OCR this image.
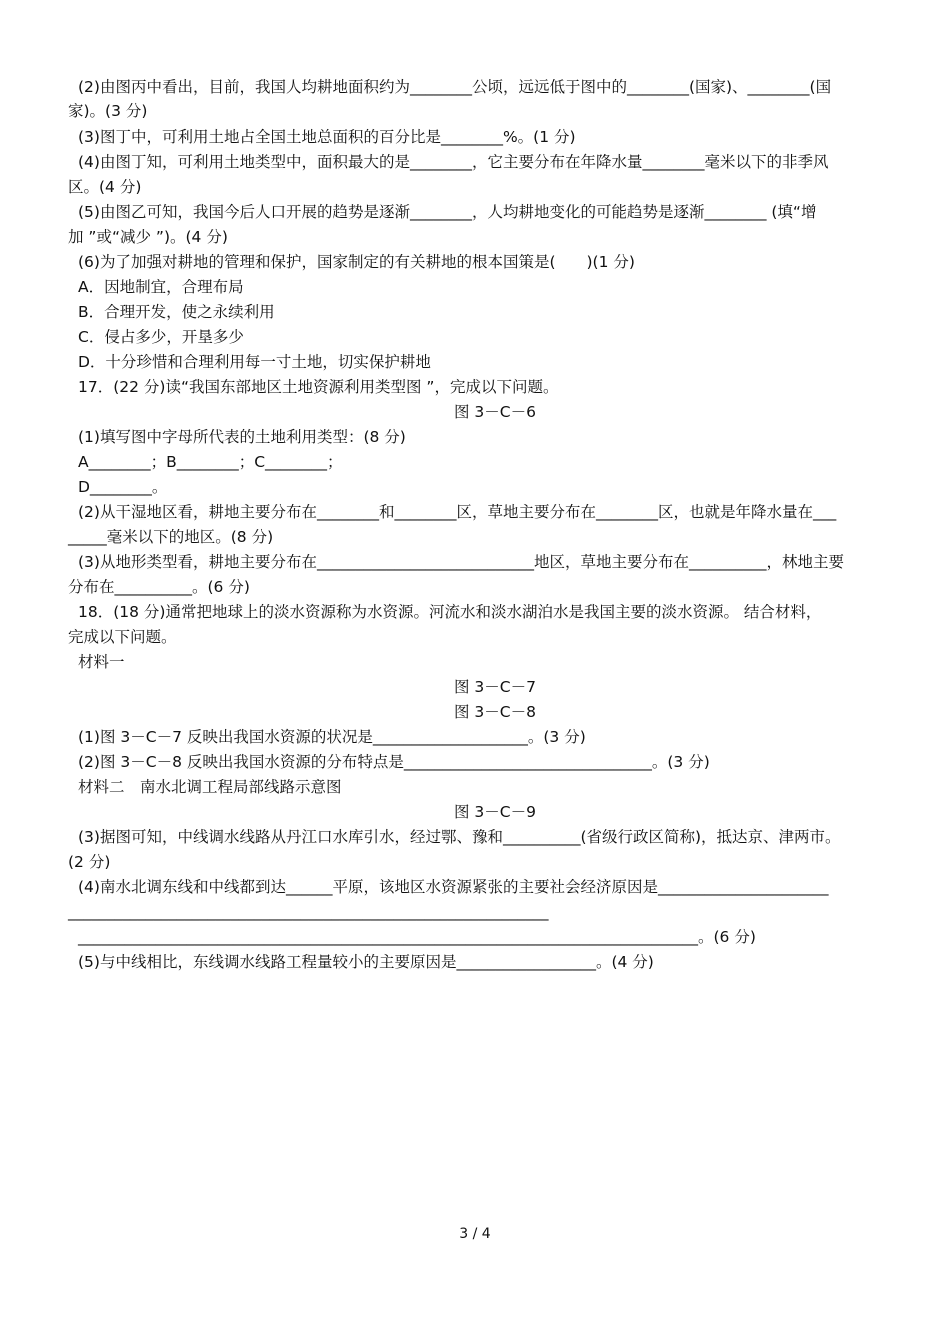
(2)由图丙中看出，目前，我国人均耕地面积约为________公顷，远远低于图中的________(国家)、________(国
家)。(3 分)
(3)图丁中，可利用土地占全国土地总面积的百分比是________%。(1 分)
(4)由图丁知，可利用土地类型中，面积最大的是________，它主要分布在年降水量________毫米以下的非季风
区。(4 分)
(5)由图乙可知，我国今后人口开展的趋势是逐渐________，人均耕地变化的可能趋势是逐渐________ (填“增
加 ”或“减少 ”)。(4 分)
(6)为了加强对耕地的管理和保护，国家制定的有关耕地的根本国策是(　　)(1 分)
A．因地制宜，合理布局
B．合理开发，使之永续利用
C．侵占多少，开垦多少
D．十分珍惜和合理利用每一寸土地，切实保护耕地
17．(22 分)读“我国东部地区土地资源利用类型图 ”，完成以下问题。
图 3－C－6
(1)填写图中字母所代表的土地利用类型：(8 分)
A________；B________；C________；
D________。
(2)从干湿地区看，耕地主要分布在________和________区，草地主要分布在________区，也就是年降水量在___
_____毫米以下的地区。(8 分)
(3)从地形类型看，耕地主要分布在____________________________地区，草地主要分布在__________，林地主要
分布在__________。(6 分)
18．(18 分)通常把地球上的淡水资源称为水资源。河流水和淡水湖泊水是我国主要的淡水资源。 结合材料，
完成以下问题。
材料一
图 3－C－7
图 3－C－8
(1)图 3－C－7 反映出我国水资源的状况是____________________。(3 分)
(2)图 3－C－8 反映出我国水资源的分布特点是________________________________。(3 分)
材料二　南水北调工程局部线路示意图
图 3－C－9
(3)据图可知，中线调水线路从丹江口水库引水，经过鄂、豫和__________(省级行政区简称)，抵达京、津两市。
(2 分)
(4)南水北调东线和中线都到达______平原，该地区水资源紧张的主要社会经济原因是______________________
______________________________________________________________
________________________________________________________________________________。(6 分)
(5)与中线相比，东线调水线路工程量较小的主要原因是__________________。(4 分)
3 / 4
